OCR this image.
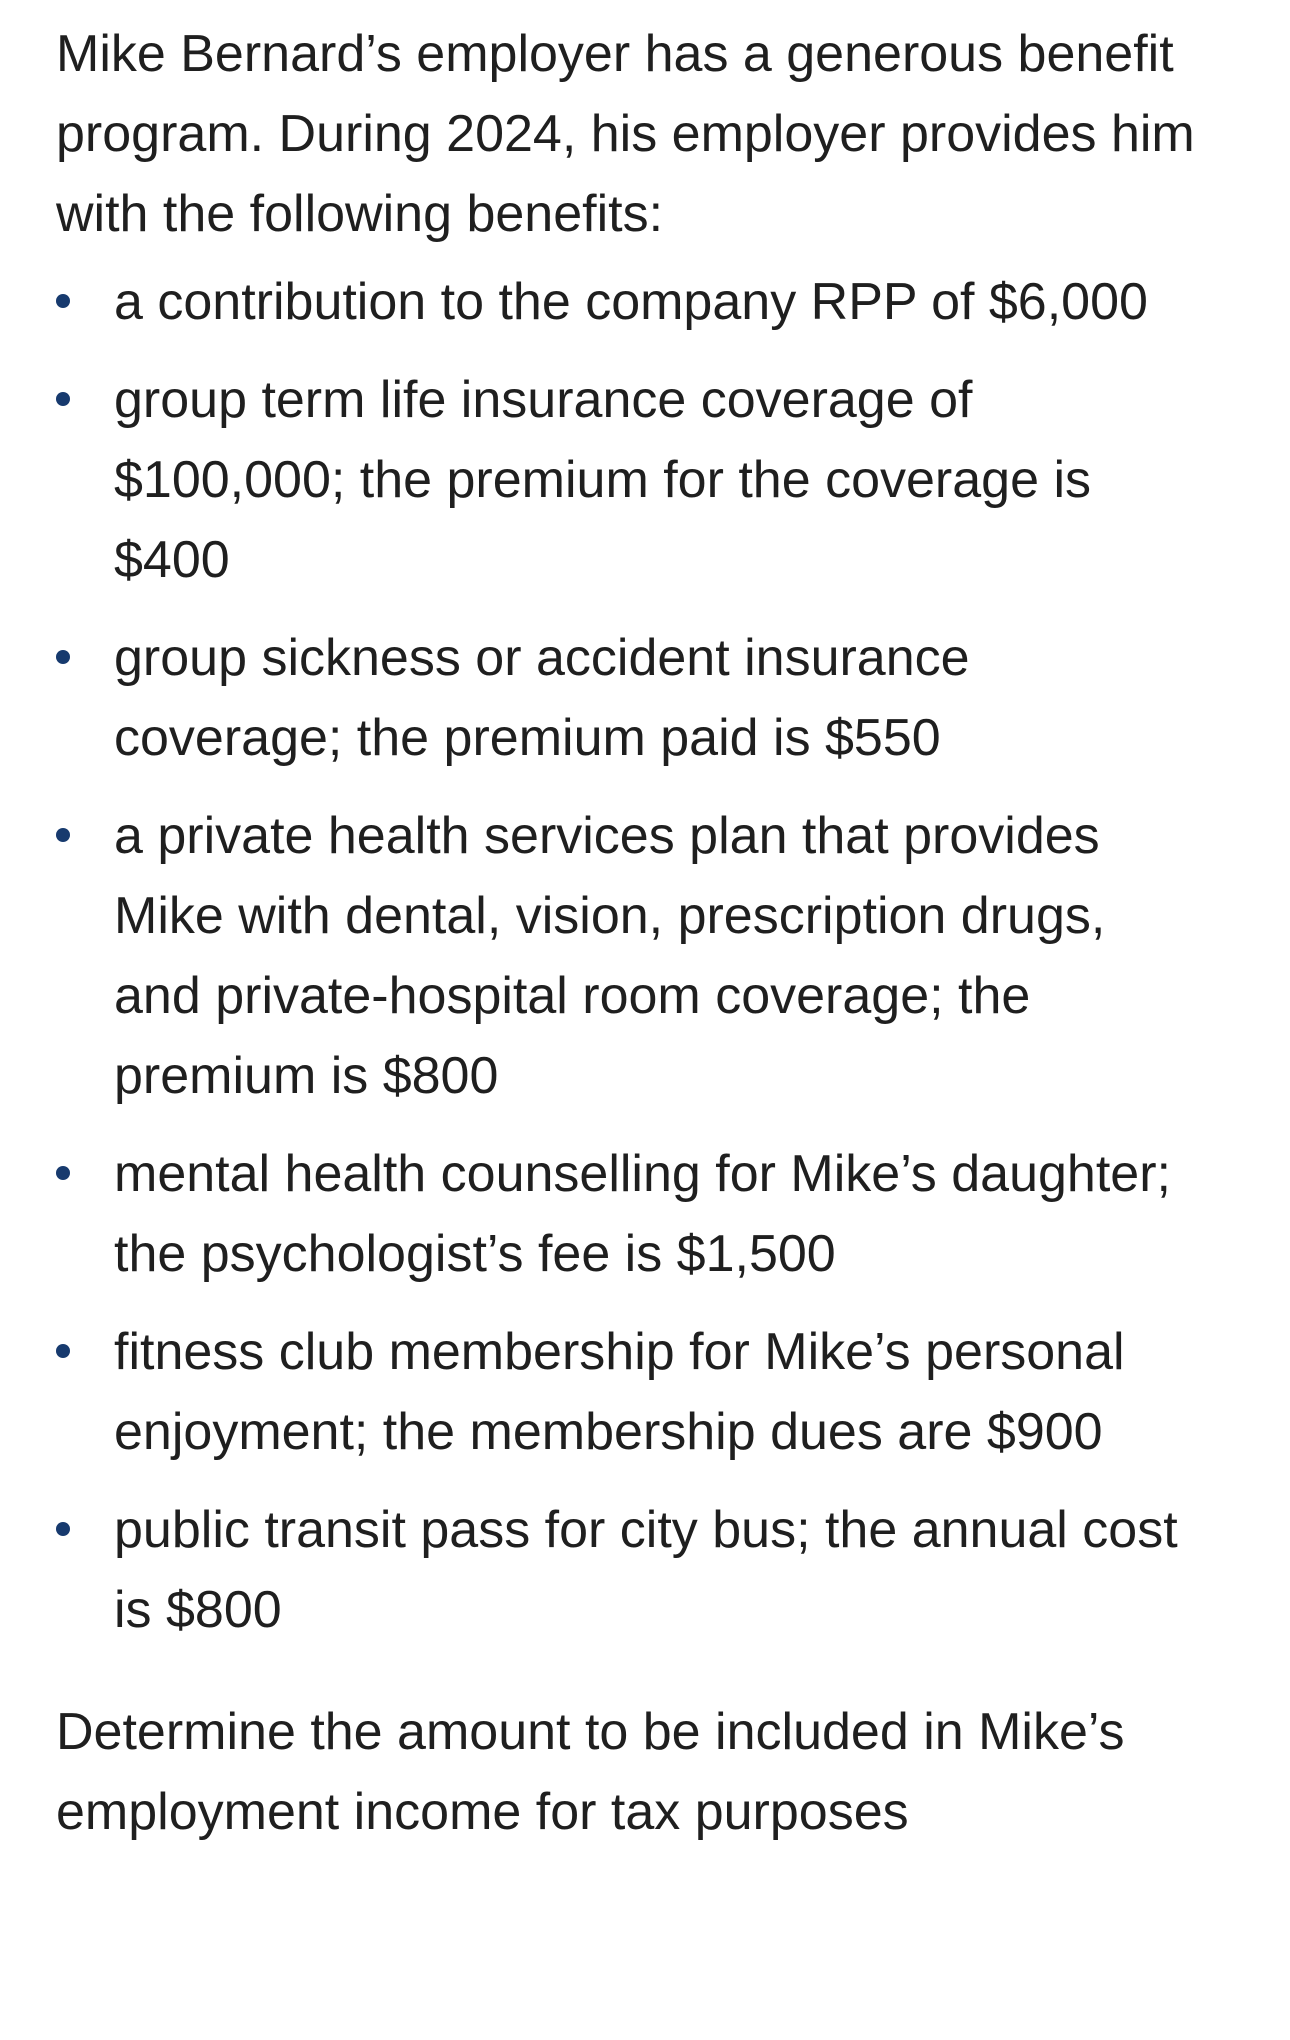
Mike Bernard’s employer has a generous benefit program. During 2024, his employer provides him with the following benefits:

a contribution to the company RPP of $6,000
group term life insurance coverage of $100,000; the premium for the coverage is $400
group sickness or accident insurance coverage; the premium paid is $550
a private health services plan that provides Mike with dental, vision, prescription drugs, and private-hospital room coverage; the premium is $800
mental health counselling for Mike’s daughter; the psychologist’s fee is $1,500
fitness club membership for Mike’s personal enjoyment; the membership dues are $900
public transit pass for city bus; the annual cost is $800

Determine the amount to be included in Mike’s employment income for tax purposes
